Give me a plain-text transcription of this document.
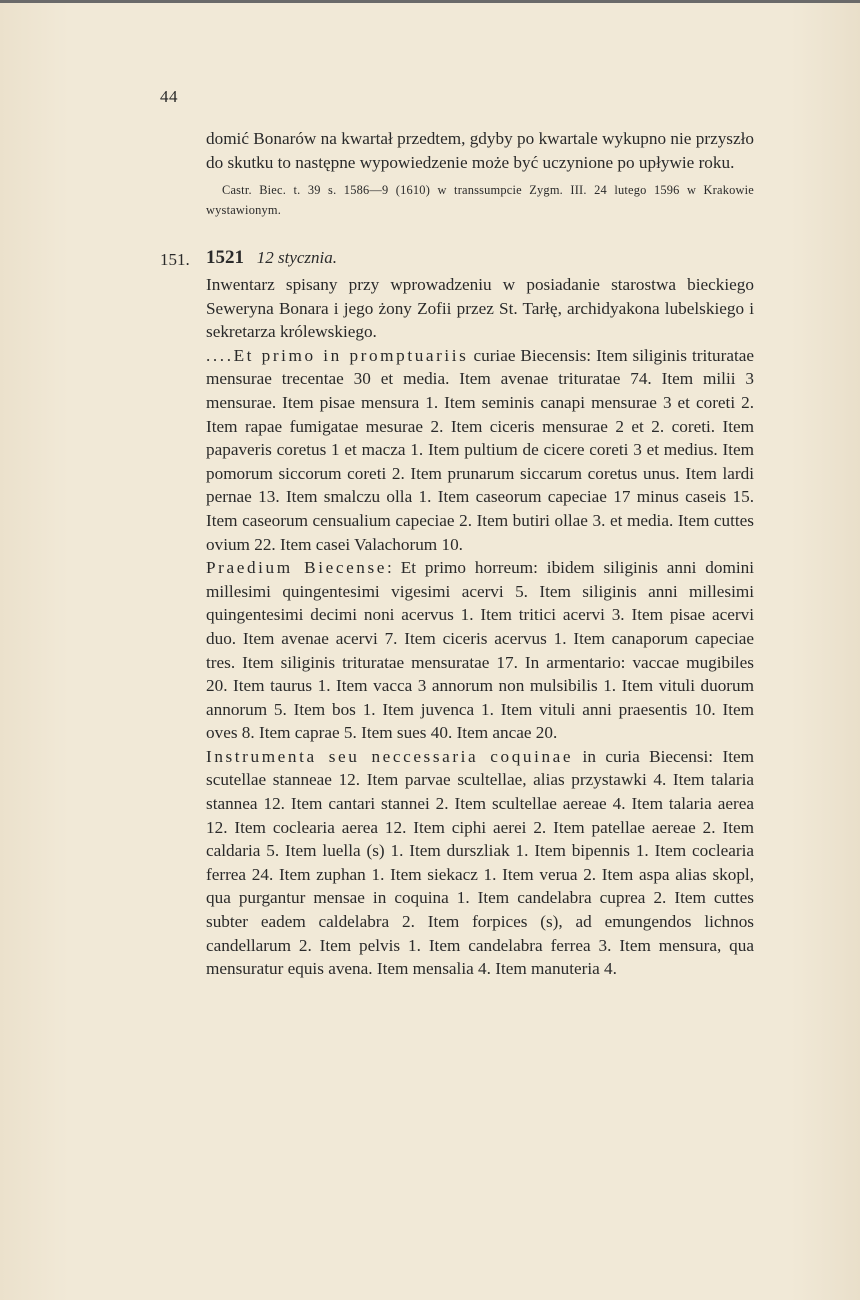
44

domić Bonarów na kwartał przedtem, gdyby po kwartale wykupno nie przyszło do skutku to następne wypowiedzenie może być uczynione po upływie roku.

Castr. Biec. t. 39 s. 1586—9 (1610) w transsumpcie Zygm. III. 24 lutego 1596 w Krakowie wystawionym.

151. 1521 12 stycznia.

Inwentarz spisany przy wprowadzeniu w posiadanie starostwa bieckiego Seweryna Bonara i jego żony Zofii przez St. Tarłę, archidyakona lubelskiego i sekretarza królewskiego.

....Et primo in promptuariis curiae Biecensis: Item siliginis trituratae mensurae trecentae 30 et media. Item avenae trituratae 74. Item milii 3 mensurae. Item pisae mensura 1. Item seminis canapi mensurae 3 et coreti 2. Item rapae fumigatae mesurae 2. Item ciceris mensurae 2 et 2. coreti. Item papaveris coretus 1 et macza 1. Item pultium de cicere coreti 3 et medius. Item pomorum siccorum coreti 2. Item prunarum siccarum coretus unus. Item lardi pernae 13. Item smalczu olla 1. Item caseorum capeciae 17 minus caseis 15. Item caseorum censualium capeciae 2. Item butiri ollae 3. et media. Item cuttes ovium 22. Item casei Valachorum 10.

Praedium Biecense: Et primo horreum: ibidem siliginis anni domini millesimi quingentesimi vigesimi acervi 5. Item siliginis anni millesimi quingentesimi decimi noni acervus 1. Item tritici acervi 3. Item pisae acervi duo. Item avenae acervi 7. Item ciceris acervus 1. Item canaporum capeciae tres. Item siliginis trituratae mensuratae 17. In armentario: vaccae mugibiles 20. Item taurus 1. Item vacca 3 annorum non mulsibilis 1. Item vituli duorum annorum 5. Item bos 1. Item juvenca 1. Item vituli anni praesentis 10. Item oves 8. Item caprae 5. Item sues 40. Item ancae 20.

Instrumenta seu neccessaria coquinae in curia Biecensi: Item scutellae stanneae 12. Item parvae scultellae, alias przystawki 4. Item talaria stannea 12. Item cantari stannei 2. Item scultellae aereae 4. Item talaria aerea 12. Item coclearia aerea 12. Item ciphi aerei 2. Item patellae aereae 2. Item caldaria 5. Item luella (s) 1. Item durszliak 1. Item bipennis 1. Item coclearia ferrea 24. Item zuphan 1. Item siekacz 1. Item verua 2. Item aspa alias skopl, qua purgantur mensae in coquina 1. Item candelabra cuprea 2. Item cuttes subter eadem caldelabra 2. Item forpices (s), ad emungendos lichnos candellarum 2. Item pelvis 1. Item candelabra ferrea 3. Item mensura, qua mensuratur equis avena. Item mensalia 4. Item manuteria 4.
